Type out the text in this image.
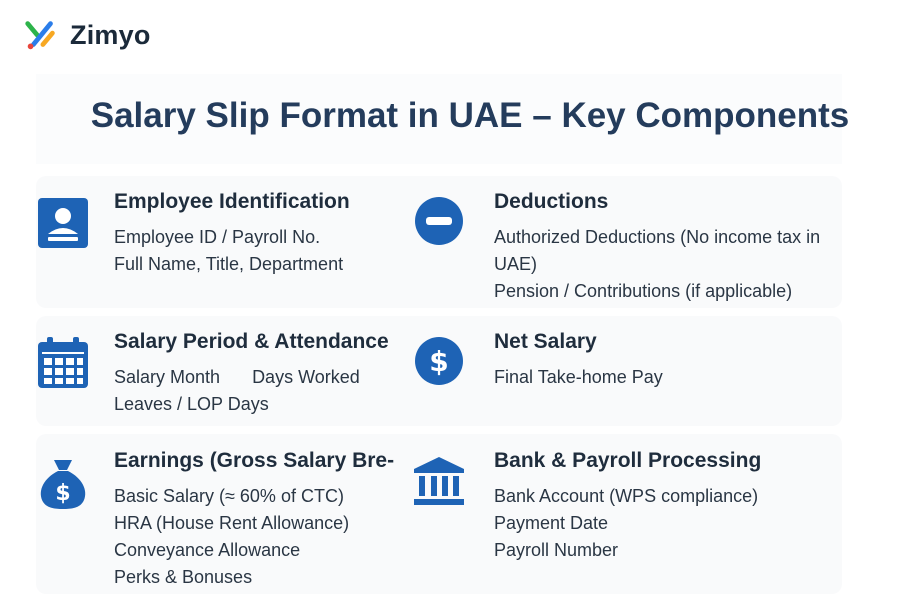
Zimyo
Salary Slip Format in UAE – Key Components
Employee Identification
Employee ID / Payroll No.
Full Name, Title, Department
Deductions
Authorized Deductions (No income tax in UAE)
Pension / Contributions (if applicable)
Salary Period & Attendance
Salary Month Days Worked
Leaves / LOP Days
$
Net Salary
Final Take-home Pay
$
Earnings (Gross Salary Bre-
Basic Salary (≈ 60% of CTC)
HRA (House Rent Allowance)
Conveyance Allowance
Perks & Bonuses
Bank & Payroll Processing
Bank Account (WPS compliance)
Payment Date
Payroll Number
